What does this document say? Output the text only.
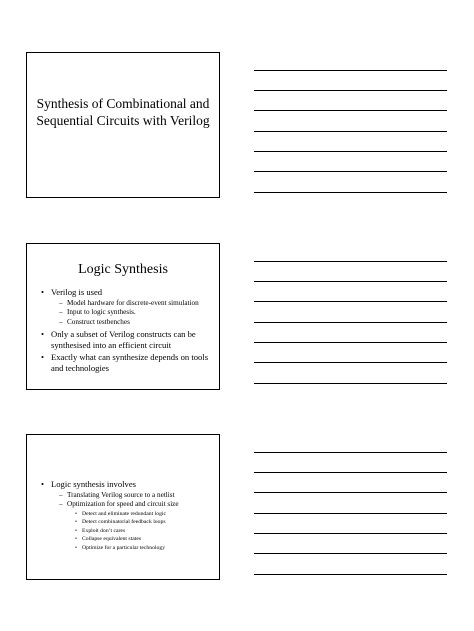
Synthesis of Combinational and
Sequential Circuits with Verilog
Logic Synthesis
• Verilog is used
– Model hardware for discrete-event simulation
– Input to logic synthesis.
– Construct testbenches
• Only a subset of Verilog constructs can be synthesised into an efficient circuit
• Exactly what can synthesize depends on tools and technologies
• Logic synthesis involves
– Translating Verilog source to a netlist
– Optimization for speed and circuit size
• Detect and eliminate redundant logic
• Detect combinatorial feedback loops
• Exploit don’t cares
• Collapse equivalent states
• Optimize for a particular technology
